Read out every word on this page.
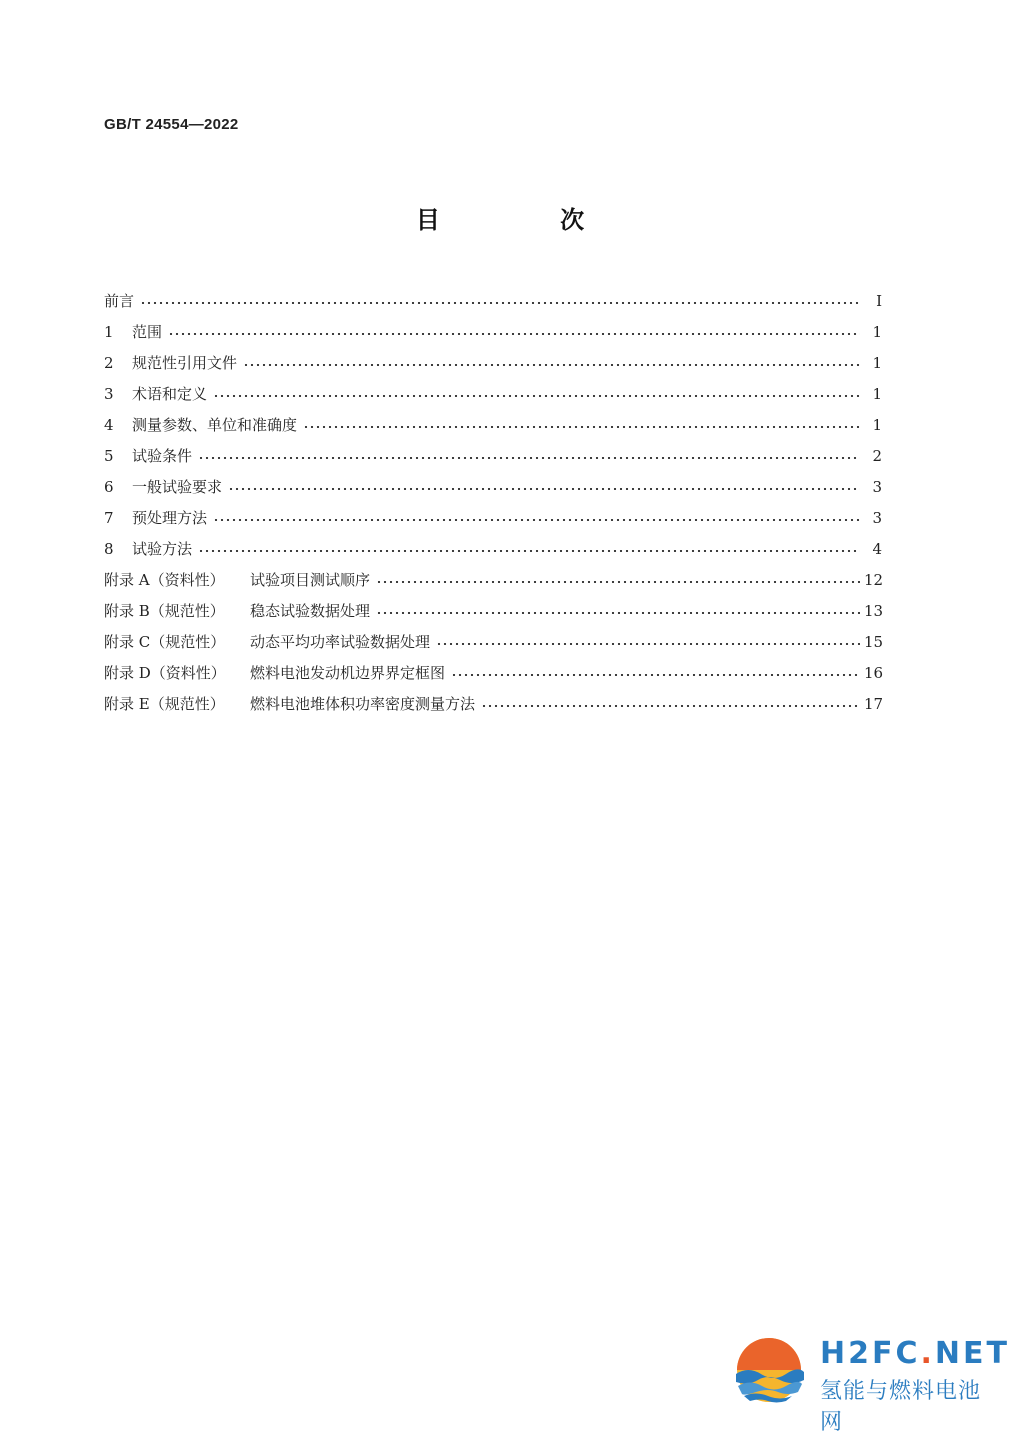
GB/T 24554—2022
目 次
前言	Ⅰ
1 范围	1
2 规范性引用文件	1
3 术语和定义	1
4 测量参数、单位和准确度	1
5 试验条件	2
6 一般试验要求	3
7 预处理方法	3
8 试验方法	4
附录 A（资料性） 试验项目测试顺序	12
附录 B（规范性） 稳态试验数据处理	13
附录 C（规范性） 动态平均功率试验数据处理	15
附录 D（资料性） 燃料电池发动机边界界定框图	16
附录 E（规范性） 燃料电池堆体积功率密度测量方法	17
H2FC.NET
氢能与燃料电池网
